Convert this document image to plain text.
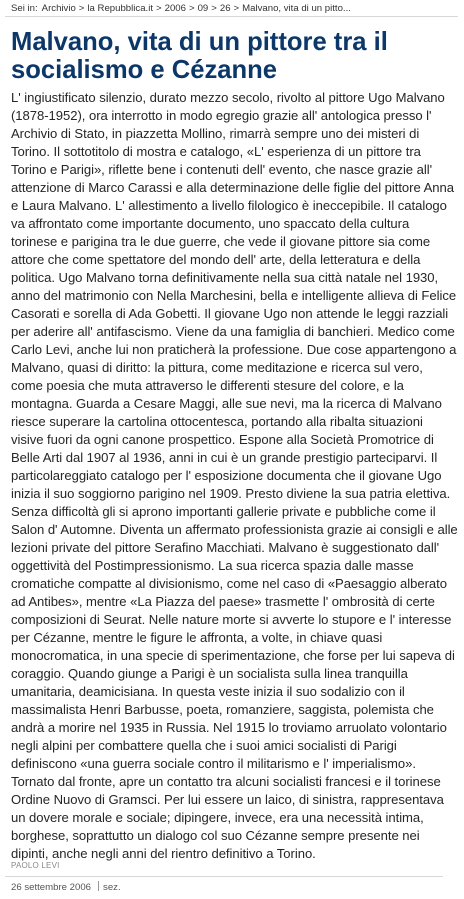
Sei in: Archivio > la Repubblica.it > 2006 > 09 > 26 > Malvano, vita di un pitto...
Malvano, vita di un pittore tra il socialismo e Cézanne

L' ingiustificato silenzio, durato mezzo secolo, rivolto al pittore Ugo Malvano (1878-1952), ora interrotto in modo egregio grazie all' antologica presso l' Archivio di Stato, in piazzetta Mollino, rimarrà sempre uno dei misteri di Torino. Il sottotitolo di mostra e catalogo, «L' esperienza di un pittore tra Torino e Parigi», riflette bene i contenuti dell' evento, che nasce grazie all' attenzione di Marco Carassi e alla determinazione delle figlie del pittore Anna e Laura Malvano. L' allestimento a livello filologico è ineccepibile. Il catalogo va affrontato come importante documento, uno spaccato della cultura torinese e parigina tra le due guerre, che vede il giovane pittore sia come attore che come spettatore del mondo dell' arte, della letteratura e della politica. Ugo Malvano torna definitivamente nella sua città natale nel 1930, anno del matrimonio con Nella Marchesini, bella e intelligente allieva di Felice Casorati e sorella di Ada Gobetti. Il giovane Ugo non attende le leggi razziali per aderire all' antifascismo. Viene da una famiglia di banchieri. Medico come Carlo Levi, anche lui non praticherà la professione. Due cose appartengono a Malvano, quasi di diritto: la pittura, come meditazione e ricerca sul vero, come poesia che muta attraverso le differenti stesure del colore, e la montagna. Guarda a Cesare Maggi, alle sue nevi, ma la ricerca di Malvano riesce superare la cartolina ottocentesca, portando alla ribalta situazioni visive fuori da ogni canone prospettico. Espone alla Società Promotrice di Belle Arti dal 1907 al 1936, anni in cui è un grande prestigio parteciparvi. Il particolareggiato catalogo per l' esposizione documenta che il giovane Ugo inizia il suo soggiorno parigino nel 1909. Presto diviene la sua patria elettiva. Senza difficoltà gli si aprono importanti gallerie private e pubbliche come il Salon d' Automne. Diventa un affermato professionista grazie ai consigli e alle lezioni private del pittore Serafino Macchiati. Malvano è suggestionato dall' oggettività del Postimpressionismo. La sua ricerca spazia dalle masse cromatiche compatte al divisionismo, come nel caso di «Paesaggio alberato ad Antibes», mentre «La Piazza del paese» trasmette l' ombrosità di certe composizioni di Seurat. Nelle nature morte si avverte lo stupore e l' interesse per Cézanne, mentre le figure le affronta, a volte, in chiave quasi monocromatica, in una specie di sperimentazione, che forse per lui sapeva di coraggio. Quando giunge a Parigi è un socialista sulla linea tranquilla umanitaria, deamicisiana. In questa veste inizia il suo sodalizio con il massimalista Henri Barbusse, poeta, romanziere, saggista, polemista che andrà a morire nel 1935 in Russia. Nel 1915 lo troviamo arruolato volontario negli alpini per combattere quella che i suoi amici socialisti di Parigi definiscono «una guerra sociale contro il militarismo e l' imperialismo». Tornato dal fronte, apre un contatto tra alcuni socialisti francesi e il torinese Ordine Nuovo di Gramsci. Per lui essere un laico, di sinistra, rappresentava un dovere morale e sociale; dipingere, invece, era una necessità intima, borghese, soprattutto un dialogo col suo Cézanne sempre presente nei dipinti, anche negli anni del rientro definitivo a Torino.

PAOLO LEVI
26 settembre 2006 sez.
